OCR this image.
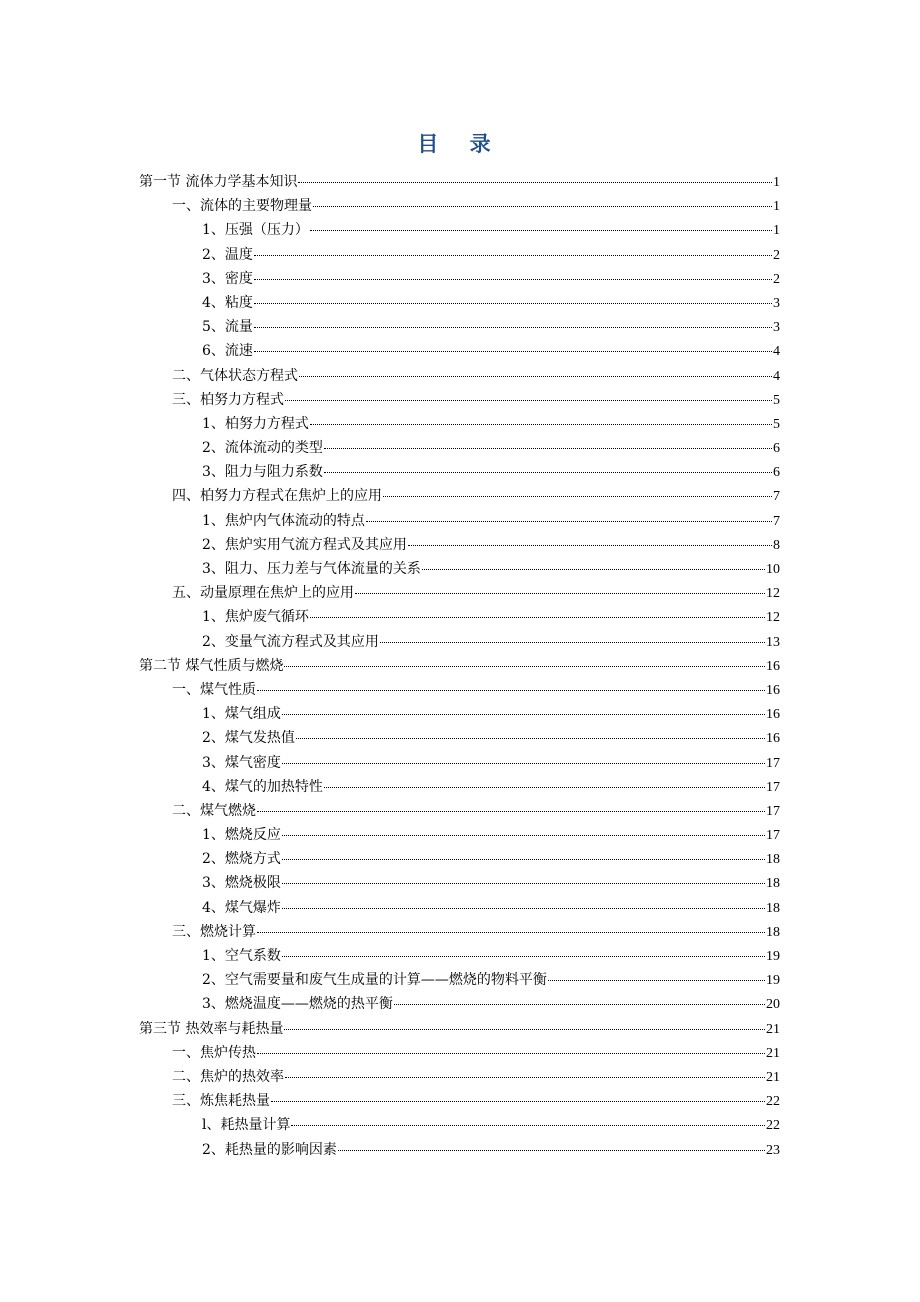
目 录
第一节 流体力学基本知识	1
一、流体的主要物理量	1
1、压强（压力）	1
2、温度	2
3、密度	2
4、粘度	3
5、流量	3
6、流速	4
二、气体状态方程式	4
三、柏努力方程式	5
1、柏努力方程式	5
2、流体流动的类型	6
3、阻力与阻力系数	6
四、柏努力方程式在焦炉上的应用	7
1、焦炉内气体流动的特点	7
2、焦炉实用气流方程式及其应用	8
3、阻力、压力差与气体流量的关系	10
五、动量原理在焦炉上的应用	12
1、焦炉废气循环	12
2、变量气流方程式及其应用	13
第二节 煤气性质与燃烧	16
一、煤气性质	16
1、煤气组成	16
2、煤气发热值	16
3、煤气密度	17
4、煤气的加热特性	17
二、煤气燃烧	17
1、燃烧反应	17
2、燃烧方式	18
3、燃烧极限	18
4、煤气爆炸	18
三、燃烧计算	18
1、空气系数	19
2、空气需要量和废气生成量的计算——燃烧的物料平衡	19
3、燃烧温度——燃烧的热平衡	20
第三节 热效率与耗热量	21
一、焦炉传热	21
二、焦炉的热效率	21
三、炼焦耗热量	22
l、耗热量计算	22
2、耗热量的影响因素	23
